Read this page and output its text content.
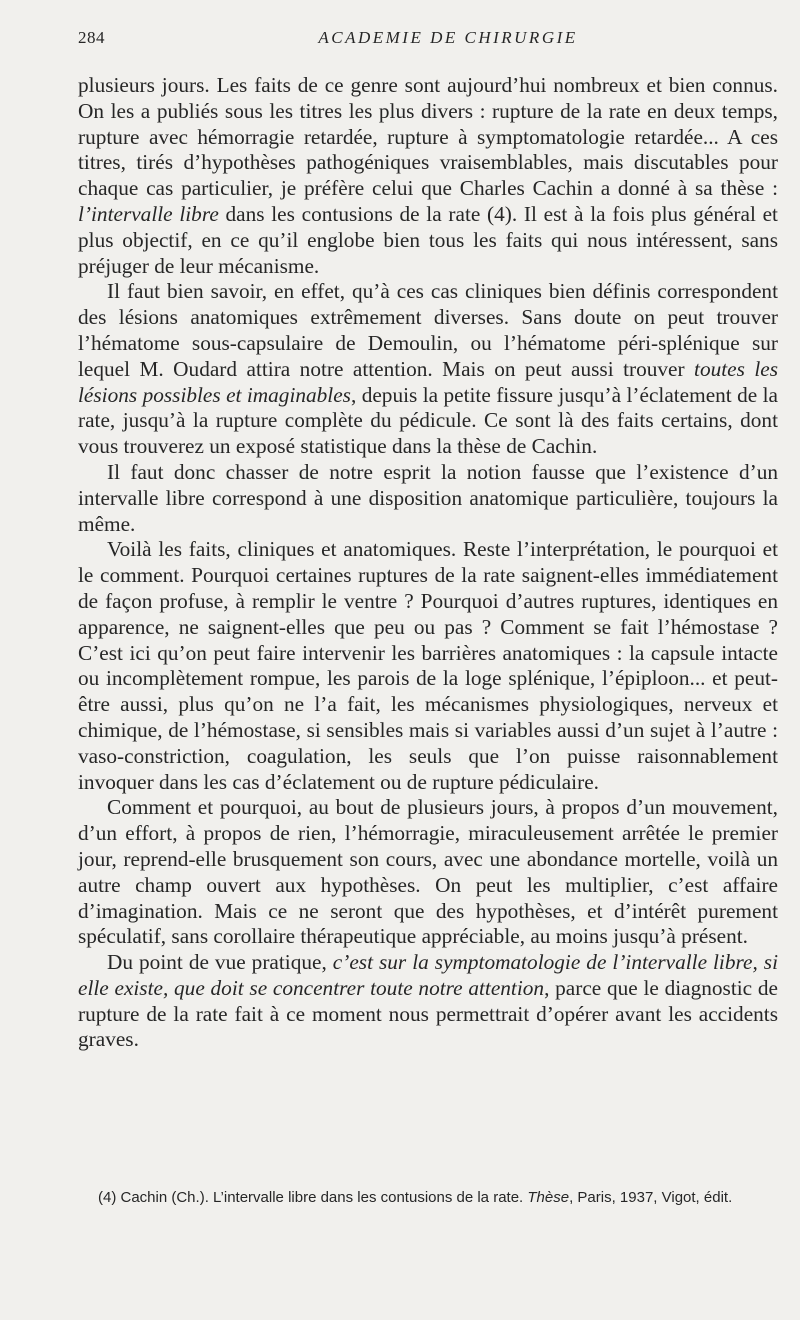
284	ACADEMIE DE CHIRURGIE

plusieurs jours. Les faits de ce genre sont aujourd’hui nombreux et bien connus. On les a publiés sous les titres les plus divers : rupture de la rate en deux temps, rupture avec hémorragie retardée, rupture à symptomatologie retardée... A ces titres, tirés d’hypothèses pathogéniques vraisemblables, mais discutables pour chaque cas particulier, je préfère celui que Charles Cachin a donné à sa thèse : l’intervalle libre dans les contusions de la rate (4). Il est à la fois plus général et plus objectif, en ce qu’il englobe bien tous les faits qui nous intéressent, sans préjuger de leur mécanisme.

Il faut bien savoir, en effet, qu’à ces cas cliniques bien définis correspondent des lésions anatomiques extrêmement diverses. Sans doute on peut trouver l’hématome sous-capsulaire de Demoulin, ou l’hématome péri-splénique sur lequel M. Oudard attira notre attention. Mais on peut aussi trouver toutes les lésions possibles et imaginables, depuis la petite fissure jusqu’à l’éclatement de la rate, jusqu’à la rupture complète du pédicule. Ce sont là des faits certains, dont vous trouverez un exposé statistique dans la thèse de Cachin.

Il faut donc chasser de notre esprit la notion fausse que l’existence d’un intervalle libre correspond à une disposition anatomique particulière, toujours la même.

Voilà les faits, cliniques et anatomiques. Reste l’interprétation, le pourquoi et le comment. Pourquoi certaines ruptures de la rate saignent-elles immédiatement de façon profuse, à remplir le ventre ? Pourquoi d’autres ruptures, identiques en apparence, ne saignent-elles que peu ou pas ? Comment se fait l’hémostase ? C’est ici qu’on peut faire intervenir les barrières anatomiques : la capsule intacte ou incomplètement rompue, les parois de la loge splénique, l’épiploon... et peut-être aussi, plus qu’on ne l’a fait, les mécanismes physiologiques, nerveux et chimique, de l’hémostase, si sensibles mais si variables aussi d’un sujet à l’autre : vaso-constriction, coagulation, les seuls que l’on puisse raisonnablement invoquer dans les cas d’éclatement ou de rupture pédiculaire.

Comment et pourquoi, au bout de plusieurs jours, à propos d’un mouvement, d’un effort, à propos de rien, l’hémorragie, miraculeusement arrêtée le premier jour, reprend-elle brusquement son cours, avec une abondance mortelle, voilà un autre champ ouvert aux hypothèses. On peut les multiplier, c’est affaire d’imagination. Mais ce ne seront que des hypothèses, et d’intérêt purement spéculatif, sans corollaire thérapeutique appréciable, au moins jusqu’à présent.

Du point de vue pratique, c’est sur la symptomatologie de l’intervalle libre, si elle existe, que doit se concentrer toute notre attention, parce que le diagnostic de rupture de la rate fait à ce moment nous permettrait d’opérer avant les accidents graves.

(4) Cachin (Ch.). L’intervalle libre dans les contusions de la rate. Thèse, Paris, 1937, Vigot, édit.
